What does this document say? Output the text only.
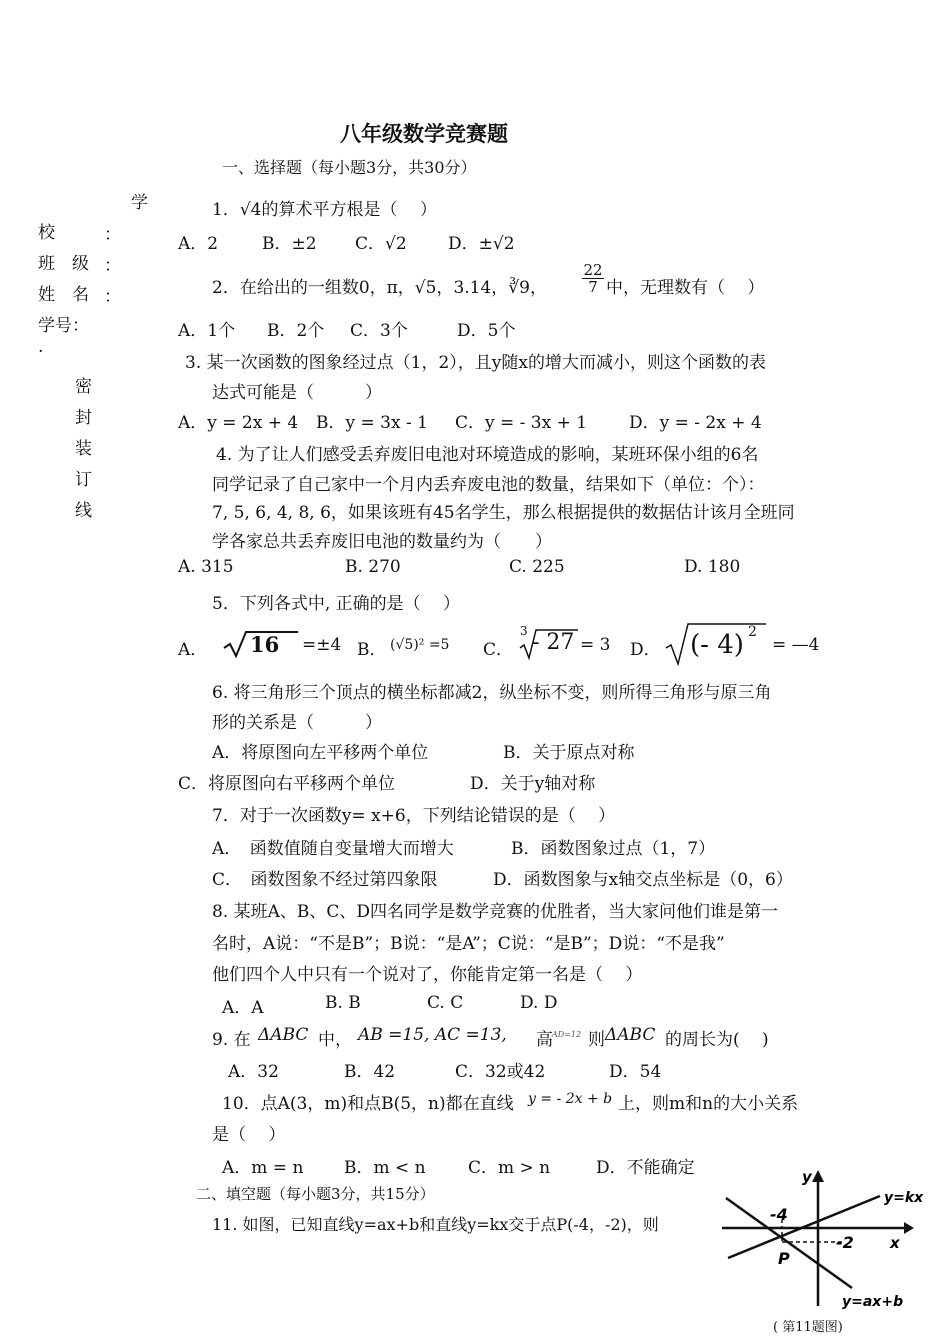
八年级数学竞赛题
一、选择题（每小题3分，共30分）
学
校	：
班　级 ：
姓　名 ：
学号：
.
密
封
装
订
线
1．√4的算术平方根是（　 ）
A．2	B．±2 C．√2 D．±√2
2．在给出的一组数0，π，√5，3.14，∛9， $\frac{22}{7}$ 中，无理数有（　 ）
A．1个 B．2个 C．3个	D．5个
3. 某一次函数的图象经过点（1，2），且y随x的增大而减小，则这个函数的表
达式可能是（　　　）
A．y = 2x + 4 B．y = 3x - 1 C．y = - 3x + 1 D．y = - 2x + 4
4. 为了让人们感受丢弃废旧电池对环境造成的影响，某班环保小组的6名
同学记录了自己家中一个月内丢弃废电池的数量，结果如下（单位：个）：
7, 5, 6, 4, 8, 6，如果该班有45名学生，那么根据提供的数据估计该月全班同
学各家总共丢弃废旧电池的数量约为（　　）
A. 315	B. 270	C. 225	D. 180
5．下列各式中, 正确的是（　 ）
A． 16 =±4 B． (√5)² =5 C．
3 - 27 = 3 D． (- 4) 2
= —4
6. 将三角形三个顶点的横坐标都减2，纵坐标不变，则所得三角形与原三角
形的关系是（　　　）
A．将原图向左平移两个单位	B．关于原点对称
C．将原图向右平移两个单位	D．关于y轴对称
7．对于一次函数y= x+6，下列结论错误的是（　 ）
A．　函数值随自变量增大而增大	B．函数图象过点（1，7）
C．　函数图象不经过第四象限	D．函数图象与x轴交点坐标是（0，6）
8. 某班A、B、C、D四名同学是数学竞赛的优胜者，当大家问他们谁是第一
名时，A说：“不是B”；B说：“是A”；C说：“是B”；D说：“不是我”
他们四个人中只有一个说对了，你能肯定第一名是（　 ）
A．A	B. B	C. C	D. D
9. 在 ΔABC 中， AB =15, AC =13, 高 AD=12 则 ΔABC 的周长为(　 )
A．32	B．42	C．32或42	D．54
10．点A(3，m)和点B(5，n)都在直线 y = - 2x + b 上，则m和n的大小关系
是（　 ）
A．m = n B．m < n C．m > n	D．不能确定
二、填空题（每小题3分，共15分）
11. 如图，已知直线y=ax+b和直线y=kx交于点P(-4，-2)，则
y
x
y=kx
y=ax+b
-4
-2
P
( 第11题图)
